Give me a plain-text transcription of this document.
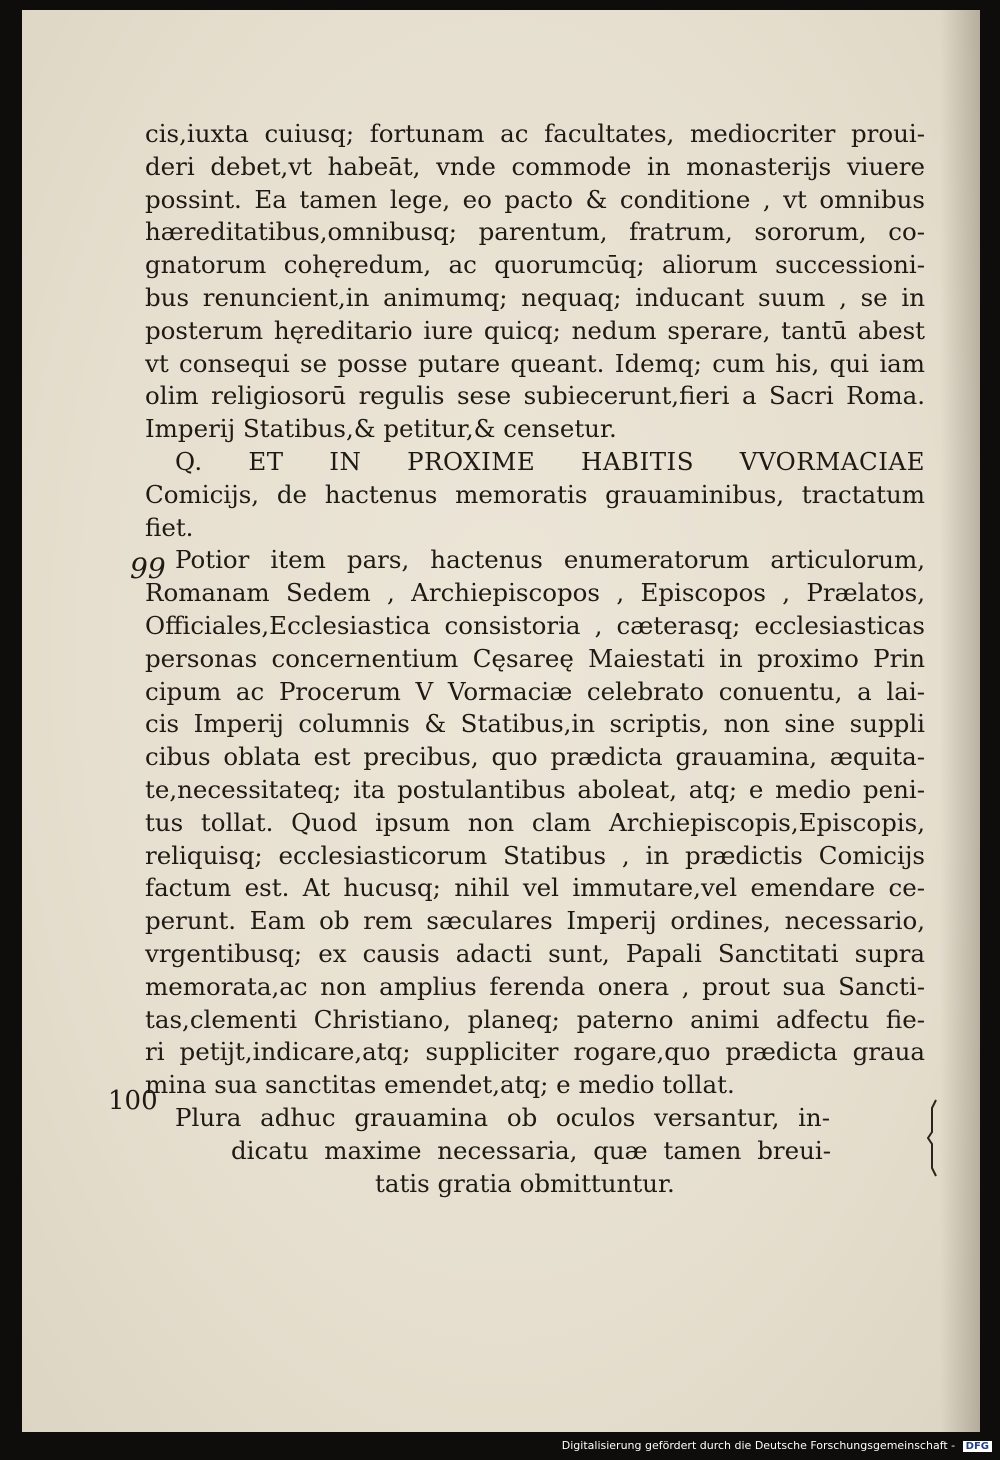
cis,iuxta cuiusq; fortunam ac facultates, mediocriter proui-
deri debet,vt habeāt, vnde commode in monasterijs viuere
possint. Ea tamen lege, eo pacto & conditione , vt omnibus
hæreditatibus,omnibusq; parentum, fratrum, sororum, co-
gnatorum cohęredum, ac quorumcūq; aliorum successioni-
bus renuncient,in animumq; nequaq; inducant suum , se in
posterum hęreditario iure quicq; nedum sperare, tantū abest
vt consequi se posse putare queant. Idemq; cum his, qui iam
olim religiosorū regulis sese subiecerunt,fieri a Sacri Roma.
Imperij Statibus,& petitur,& censetur.
Q. ET IN PROXIME HABITIS VVORMACIAE
Comicijs, de hactenus memoratis grauaminibus, tractatum
fiet.
Potior item pars, hactenus enumeratorum articulorum,
Romanam Sedem , Archiepiscopos , Episcopos , Prælatos,
Officiales,Ecclesiastica consistoria , cæterasq; ecclesiasticas
personas concernentium Cęsareę Maiestati in proximo Prin
cipum ac Procerum V Vormaciæ celebrato conuentu, a lai-
cis Imperij columnis & Statibus,in scriptis, non sine suppli
cibus oblata est precibus, quo prædicta grauamina, æquita-
te,necessitateq; ita postulantibus aboleat, atq; e medio peni-
tus tollat. Quod ipsum non clam Archiepiscopis,Episcopis,
reliquisq; ecclesiasticorum Statibus , in prædictis Comicijs
factum est. At hucusq; nihil vel immutare,vel emendare ce-
perunt. Eam ob rem sæculares Imperij ordines, necessario,
vrgentibusq; ex causis adacti sunt, Papali Sanctitati supra
memorata,ac non amplius ferenda onera , prout sua Sancti-
tas,clementi Christiano, planeq; paterno animi adfectu fie-
ri petijt,indicare,atq; suppliciter rogare,quo prædicta graua
mina sua sanctitas emendet,atq; e medio tollat.
Plura adhuc grauamina ob oculos versantur, in-
dicatu maxime necessaria, quæ tamen breui-
tatis gratia obmittuntur.
99
100
Digitalisierung gefördert durch die Deutsche Forschungsgemeinschaft - DFG
